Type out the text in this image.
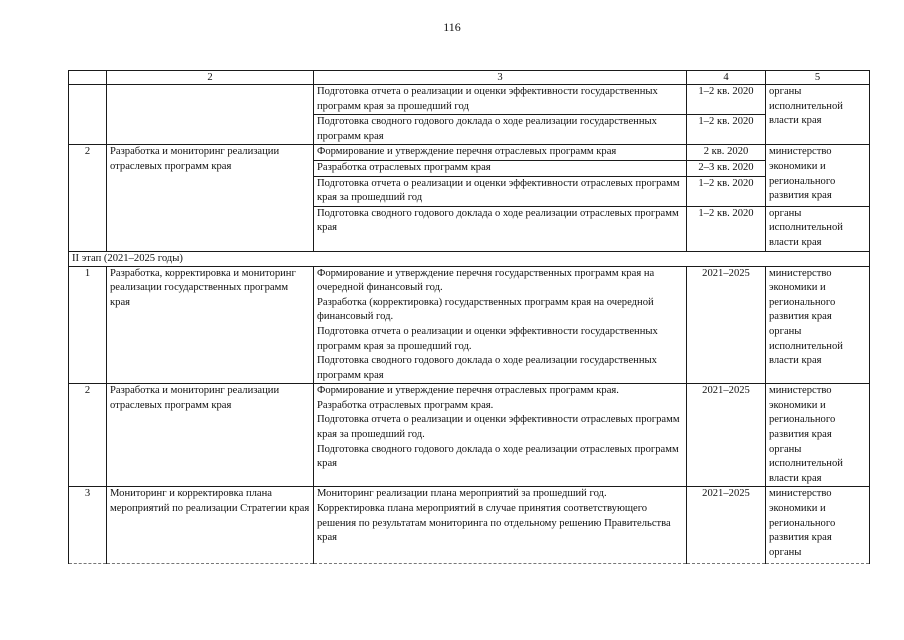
116
	2	3	4	5
		Подготовка отчета о реализации и оценки эффективности государственных программ края за прошедший год	1–2 кв. 2020	органы исполнительной власти края
		Подготовка сводного годового доклада о ходе реализации государственных программ края	1–2 кв. 2020	
2	Разработка и мониторинг реализации отраслевых программ края	Формирование и утверждение перечня отраслевых программ края	2 кв. 2020	министерство экономики и регионального развития края
		Разработка отраслевых программ края	2–3 кв. 2020	
		Подготовка отчета о реализации и оценки эффективности отраслевых программ края за прошедший год	1–2 кв. 2020	
		Подготовка сводного годового доклада о ходе реализации отраслевых программ края	1–2 кв. 2020	органы исполнительной власти края
II этап (2021–2025 годы)				
1	Разработка, корректировка и мониторинг реализации государственных программ края	Формирование и утверждение перечня государственных программ края на очередной финансовый год.
Разработка (корректировка) государственных программ края на очередной финансовый год.
Подготовка отчета о реализации и оценки эффективности государственных программ края за прошедший год.
Подготовка сводного годового доклада о ходе реализации государственных программ края	2021–2025	министерство экономики и регионального развития края органы исполнительной власти края
2	Разработка и мониторинг реализации отраслевых программ края	Формирование и утверждение перечня отраслевых программ края.
Разработка отраслевых программ края.
Подготовка отчета о реализации и оценки эффективности отраслевых программ края за прошедший год.
Подготовка сводного годового доклада о ходе реализации отраслевых программ края	2021–2025	министерство экономики и регионального развития края органы исполнительной власти края
3	Мониторинг и корректировка плана мероприятий по реализации Стратегии края	Мониторинг реализации плана мероприятий за прошедший год.
Корректировка плана мероприятий в случае принятия соответствующего решения по результатам мониторинга по отдельному решению Правительства края	2021–2025	министерство экономики и регионального развития края органы
